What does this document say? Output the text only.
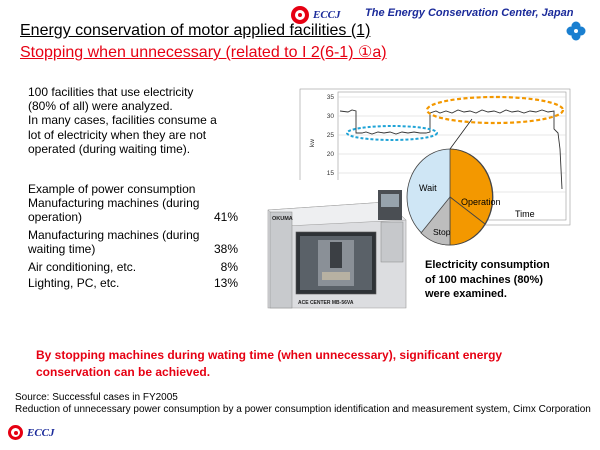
ECCJ The Energy Conservation Center, Japan
Energy conservation of motor applied facilities (1)
Stopping when unnecessary (related to I 2(6-1) ①a)
100 facilities that use electricity
(80% of all) were analyzed.
In many cases, facilities consume a
lot of electricity when they are not
operated (during waiting time).
Example of power consumption
Manufacturing machines (during
operation)	41%
Manufacturing machines (during
waiting time)	38%
Air conditioning, etc.	8%
Lighting, PC, etc.	13%
35
30
25
20
15
kw
Time
OKUMA
ACE CENTER MB-56VA
Wait
Operation
Stop
Electricity consumption
of 100 machines (80%)
were examined.
By stopping machines during wating time (when unnecessary), significant energy
conservation can be achieved.
Source: Successful cases in FY2005
Reduction of unnecessary power consumption by a power consumption identification and measurement system, Cimx Corporation
ECCJ
